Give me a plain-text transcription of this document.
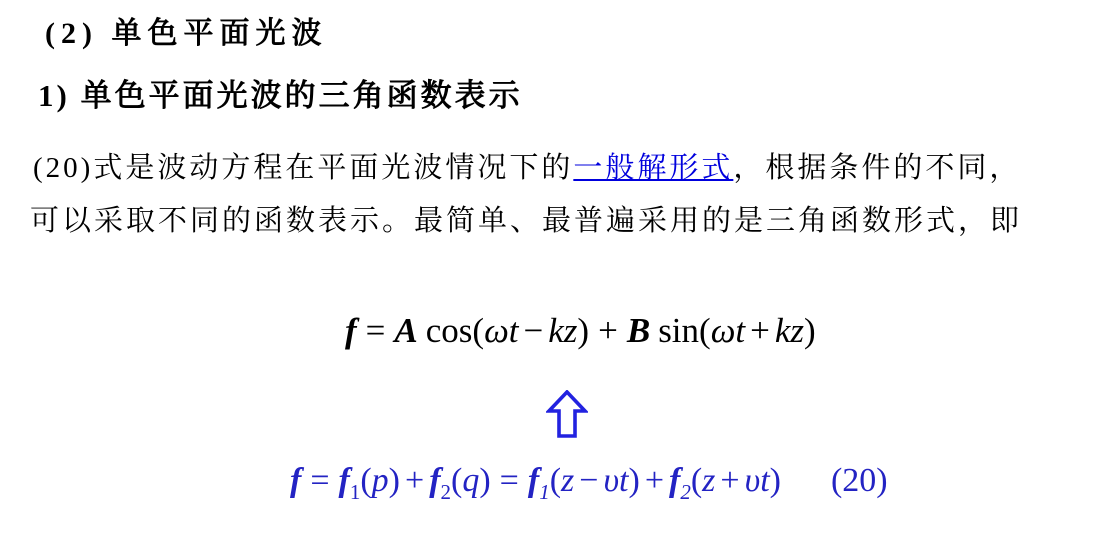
(2) 单色平面光波
1) 单色平面光波的三角函数表示
(20)式是波动方程在平面光波情况下的一般解形式，根据条件的不同，
可以采取不同的函数表示。最简单、最普遍采用的是三角函数形式，即
f = A cos(ωt − kz) + B sin(ωt + kz)
$f = f_1(p) + f_2(q) = f_1(z - \upsilon t) + f_2(z + \upsilon t)$ (20)
